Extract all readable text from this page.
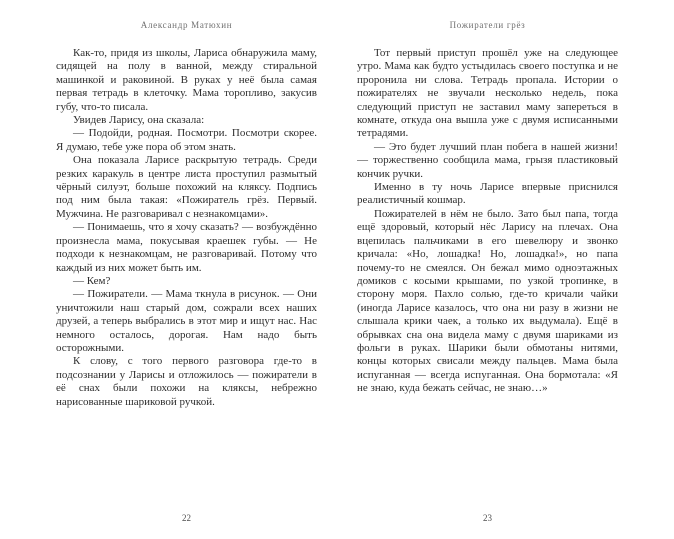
Александр Матюхин

Как-то, придя из школы, Лариса обнаружила маму, сидящей на полу в ванной, между стиральной машинкой и раковиной. В руках у неё была самая первая тетрадь в клеточку. Мама торопливо, закусив губу, что-то писала.

Увидев Ларису, она сказала:

— Подойди, родная. Посмотри. Посмотри скорее. Я думаю, тебе уже пора об этом знать.

Она показала Ларисе раскрытую тетрадь. Среди резких каракуль в центре листа проступил размытый чёрный силуэт, больше похожий на кляксу. Подпись под ним была такая: «Пожиратель грёз. Первый. Мужчина. Не разговаривал с незнакомцами».

— Понимаешь, что я хочу сказать? — возбуждённо произнесла мама, покусывая краешек губы. — Не подходи к незнакомцам, не разговаривай. Потому что каждый из них может быть им.

— Кем?

— Пожиратели. — Мама ткнула в рисунок. — Они уничтожили наш старый дом, сожрали всех наших друзей, а теперь выбрались в этот мир и ищут нас. Нас немного осталось, дорогая. Нам надо быть осторожными.

К слову, с того первого разговора где-то в подсознании у Ларисы и отложилось — пожиратели в её снах были похожи на кляксы, небрежно нарисованные шариковой ручкой.

22
Пожиратели грёз

Тот первый приступ прошёл уже на следующее утро. Мама как будто устыдилась своего поступка и не проронила ни слова. Тетрадь пропала. Истории о пожирателях не звучали несколько недель, пока следующий приступ не заставил маму запереться в комнате, откуда она вышла уже с двумя исписанными тетрадями.

— Это будет лучший план побега в нашей жизни! — торжественно сообщила мама, грызя пластиковый кончик ручки.

Именно в ту ночь Ларисе впервые приснился реалистичный кошмар.

Пожирателей в нём не было. Зато был папа, тогда ещё здоровый, который нёс Ларису на плечах. Она вцепилась пальчиками в его шевелюру и звонко кричала: «Но, лошадка! Но, лошадка!», но папа почему-то не смеялся. Он бежал мимо одноэтажных домиков с косыми крышами, по узкой тропинке, в сторону моря. Пахло солью, где-то кричали чайки (иногда Ларисе казалось, что она ни разу в жизни не слышала крики чаек, а только их выдумала). Ещё в обрывках сна она видела маму с двумя шариками из фольги в руках. Шарики были обмотаны нитями, концы которых свисали между пальцев. Мама была испуганная — всегда испуганная. Она бормотала: «Я не знаю, куда бежать сейчас, не знаю…»

23
